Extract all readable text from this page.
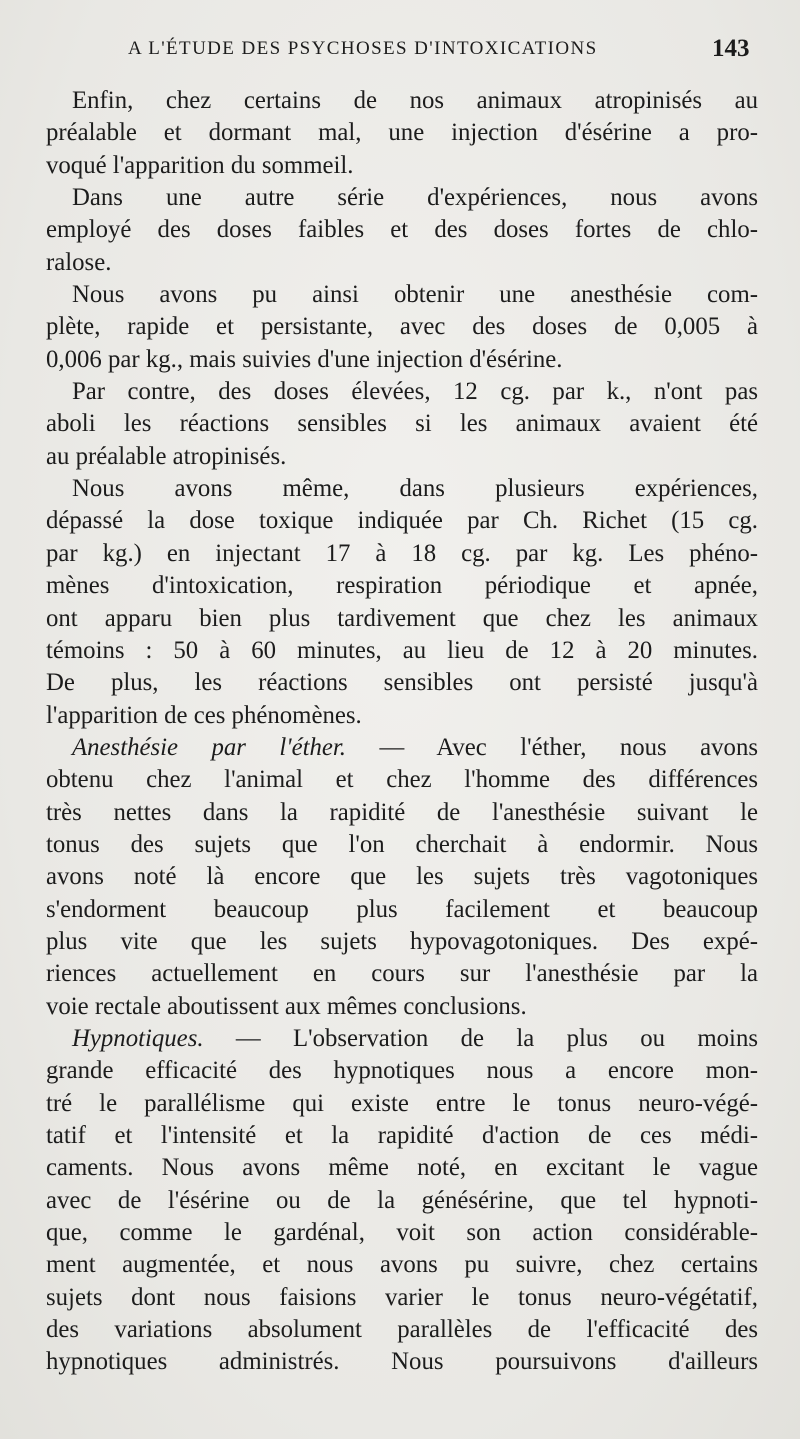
A L'ÉTUDE DES PSYCHOSES D'INTOXICATIONS	143
Enfin, chez certains de nos animaux atropinisés au
préalable et dormant mal, une injection d'ésérine a pro-
voqué l'apparition du sommeil.
Dans une autre série d'expériences, nous avons
employé des doses faibles et des doses fortes de chlo-
ralose.
Nous avons pu ainsi obtenir une anesthésie com-
plète, rapide et persistante, avec des doses de 0,005 à
0,006 par kg., mais suivies d'une injection d'ésérine.
Par contre, des doses élevées, 12 cg. par k., n'ont pas
aboli les réactions sensibles si les animaux avaient été
au préalable atropinisés.
Nous avons même, dans plusieurs expériences,
dépassé la dose toxique indiquée par Ch. Richet (15 cg.
par kg.) en injectant 17 à 18 cg. par kg. Les phéno-
mènes d'intoxication, respiration périodique et apnée,
ont apparu bien plus tardivement que chez les animaux
témoins : 50 à 60 minutes, au lieu de 12 à 20 minutes.
De plus, les réactions sensibles ont persisté jusqu'à
l'apparition de ces phénomènes.
Anesthésie par l'éther. — Avec l'éther, nous avons
obtenu chez l'animal et chez l'homme des différences
très nettes dans la rapidité de l'anesthésie suivant le
tonus des sujets que l'on cherchait à endormir. Nous
avons noté là encore que les sujets très vagotoniques
s'endorment beaucoup plus facilement et beaucoup
plus vite que les sujets hypovagotoniques. Des expé-
riences actuellement en cours sur l'anesthésie par la
voie rectale aboutissent aux mêmes conclusions.
Hypnotiques. — L'observation de la plus ou moins
grande efficacité des hypnotiques nous a encore mon-
tré le parallélisme qui existe entre le tonus neuro-végé-
tatif et l'intensité et la rapidité d'action de ces médi-
caments. Nous avons même noté, en excitant le vague
avec de l'ésérine ou de la génésérine, que tel hypnoti-
que, comme le gardénal, voit son action considérable-
ment augmentée, et nous avons pu suivre, chez certains
sujets dont nous faisions varier le tonus neuro-végétatif,
des variations absolument parallèles de l'efficacité des
hypnotiques administrés. Nous poursuivons d'ailleurs
